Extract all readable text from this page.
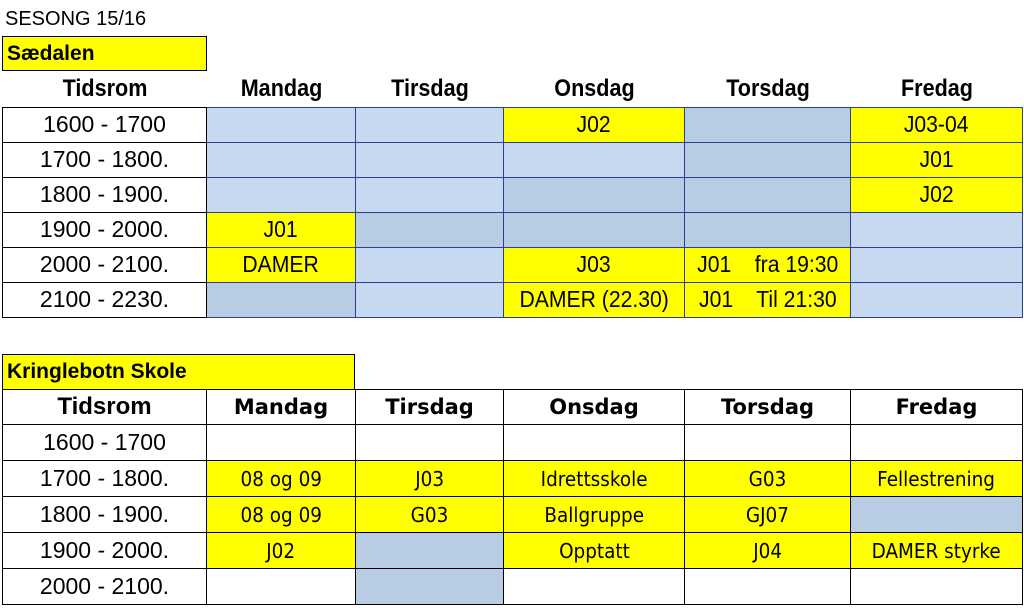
SESONG 15/16
Sædalen
Tidsrom	Mandag	Tirsdag	Onsdag	Torsdag	Fredag
1600 - 1700			J02		J03-04
1700 - 1800.					J01
1800 - 1900.					J02
1900 - 2000.	J01				
2000 - 2100.	DAMER		J03	J01    fra 19:30	
2100 - 2230.			DAMER (22.30)	J01    Til 21:30	
Kringlebotn Skole
Tidsrom	Mandag	Tirsdag	Onsdag	Torsdag	Fredag
1600 - 1700					
1700 - 1800.	08 og 09	J03	Idrettsskole	G03	Fellestrening
1800 - 1900.	08 og 09	G03	Ballgruppe	GJ07	
1900 - 2000.	J02		Opptatt	J04	DAMER styrke
2000 - 2100.					
